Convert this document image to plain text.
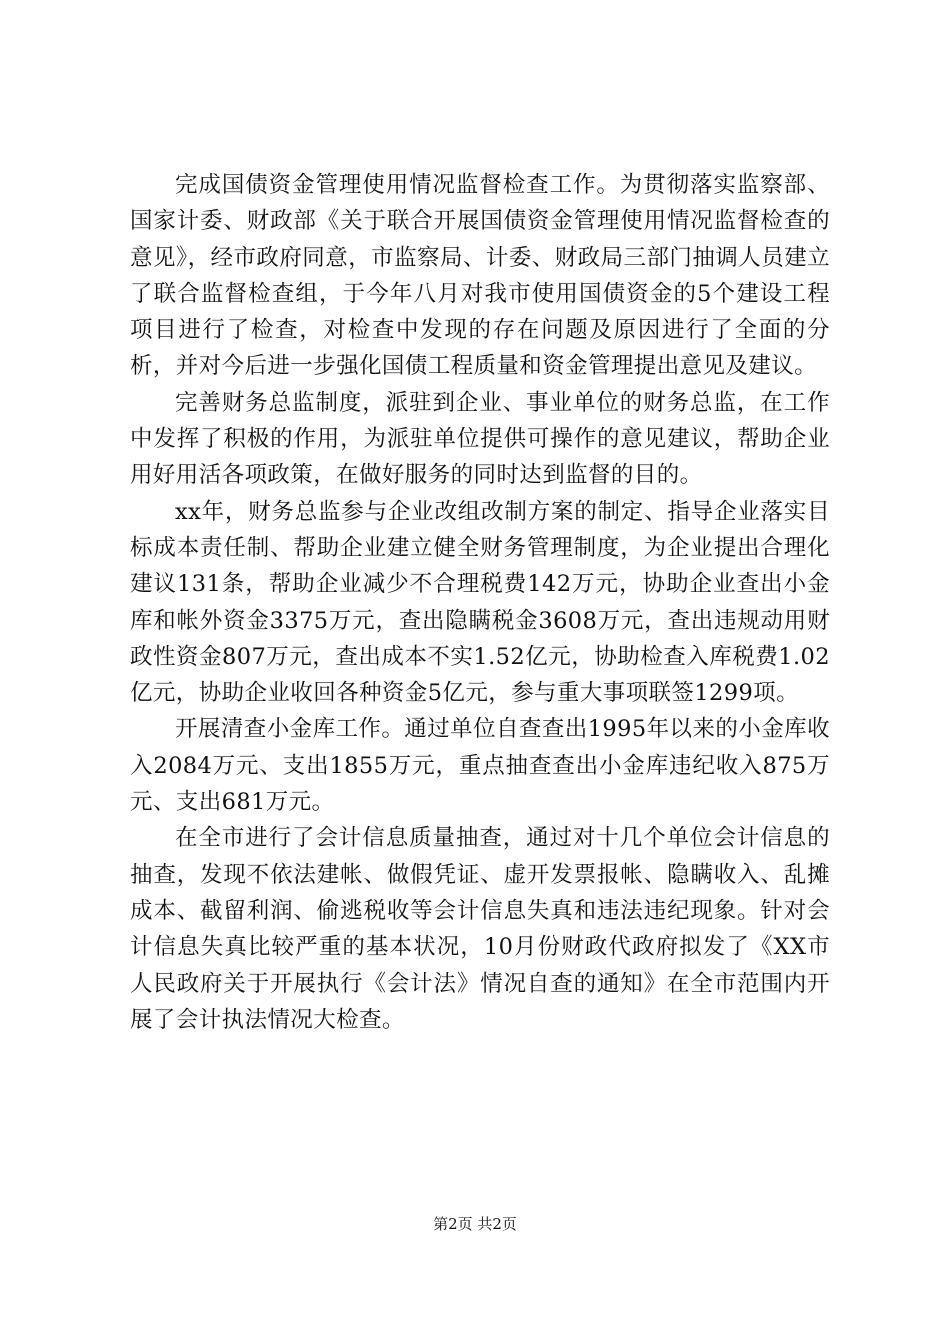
完成国债资金管理使用情况监督检查工作。为贯彻落实监察部、国家计委、财政部《关于联合开展国债资金管理使用情况监督检查的意见》，经市政府同意，市监察局、计委、财政局三部门抽调人员建立了联合监督检查组，于今年八月对我市使用国债资金的5个建设工程项目进行了检查，对检查中发现的存在问题及原因进行了全面的分析，并对今后进一步强化国债工程质量和资金管理提出意见及建议。

完善财务总监制度，派驻到企业、事业单位的财务总监，在工作中发挥了积极的作用，为派驻单位提供可操作的意见建议，帮助企业用好用活各项政策，在做好服务的同时达到监督的目的。

xx年，财务总监参与企业改组改制方案的制定、指导企业落实目标成本责任制、帮助企业建立健全财务管理制度，为企业提出合理化建议131条，帮助企业减少不合理税费142万元，协助企业查出小金库和帐外资金3375万元，查出隐瞒税金3608万元，查出违规动用财政性资金807万元，查出成本不实1.52亿元，协助检查入库税费1.02亿元，协助企业收回各种资金5亿元，参与重大事项联签1299项。

开展清查小金库工作。通过单位自查查出1995年以来的小金库收入2084万元、支出1855万元，重点抽查查出小金库违纪收入875万元、支出681万元。

在全市进行了会计信息质量抽查，通过对十几个单位会计信息的抽查，发现不依法建帐、做假凭证、虚开发票报帐、隐瞒收入、乱摊成本、截留利润、偷逃税收等会计信息失真和违法违纪现象。针对会计信息失真比较严重的基本状况，10月份财政代政府拟发了《XX市人民政府关于开展执行《会计法》情况自查的通知》在全市范围内开展了会计执法情况大检查。

第2页 共2页
